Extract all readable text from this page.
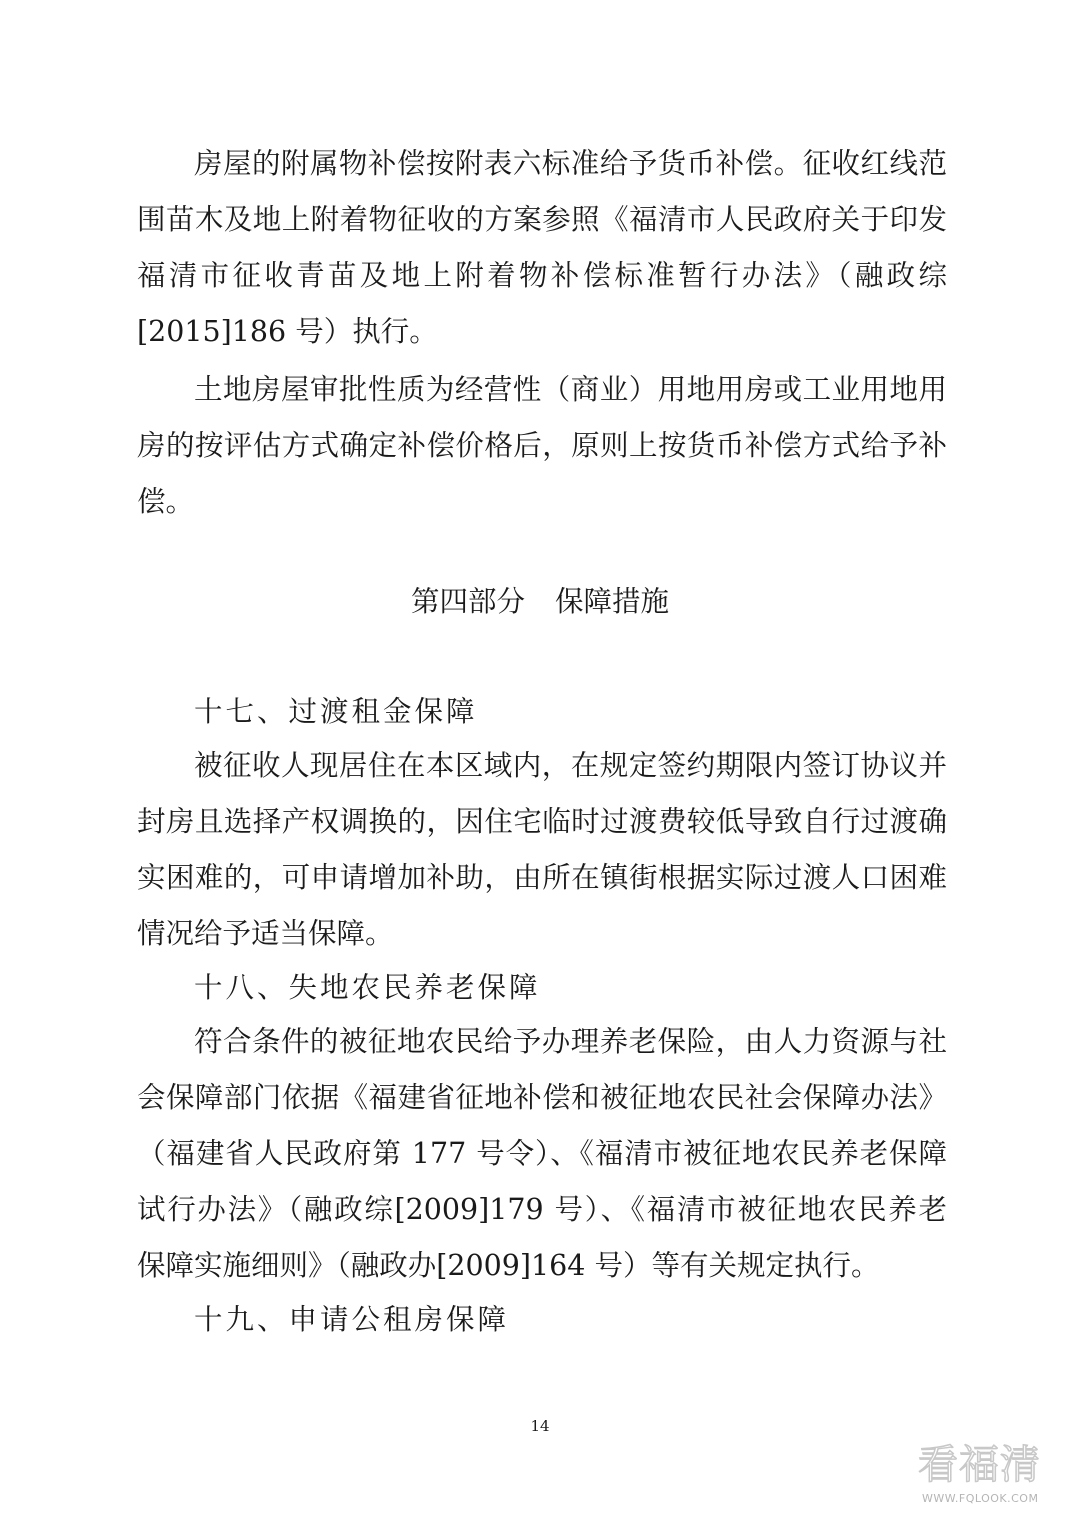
房屋的附属物补偿按附表六标准给予货币补偿。征收红线范
围苗木及地上附着物征收的方案参照《福清市人民政府关于印发
福清市征收青苗及地上附着物补偿标准暂行办法》（融政综
[2015]186 号）执行。
土地房屋审批性质为经营性（商业）用地用房或工业用地用
房的按评估方式确定补偿价格后，原则上按货币补偿方式给予补
偿。
第四部分 保障措施
十七、过渡租金保障
被征收人现居住在本区域内，在规定签约期限内签订协议并
封房且选择产权调换的，因住宅临时过渡费较低导致自行过渡确
实困难的，可申请增加补助，由所在镇街根据实际过渡人口困难
情况给予适当保障。
十八、失地农民养老保障
符合条件的被征地农民给予办理养老保险，由人力资源与社
会保障部门依据《福建省征地补偿和被征地农民社会保障办法》
（福建省人民政府第 177 号令）、《福清市被征地农民养老保障
试行办法》（融政综[2009]179 号）、《福清市被征地农民养老
保障实施细则》（融政办[2009]164 号）等有关规定执行。
十九、申请公租房保障
14
看福清
WWW.FQLOOK.COM
